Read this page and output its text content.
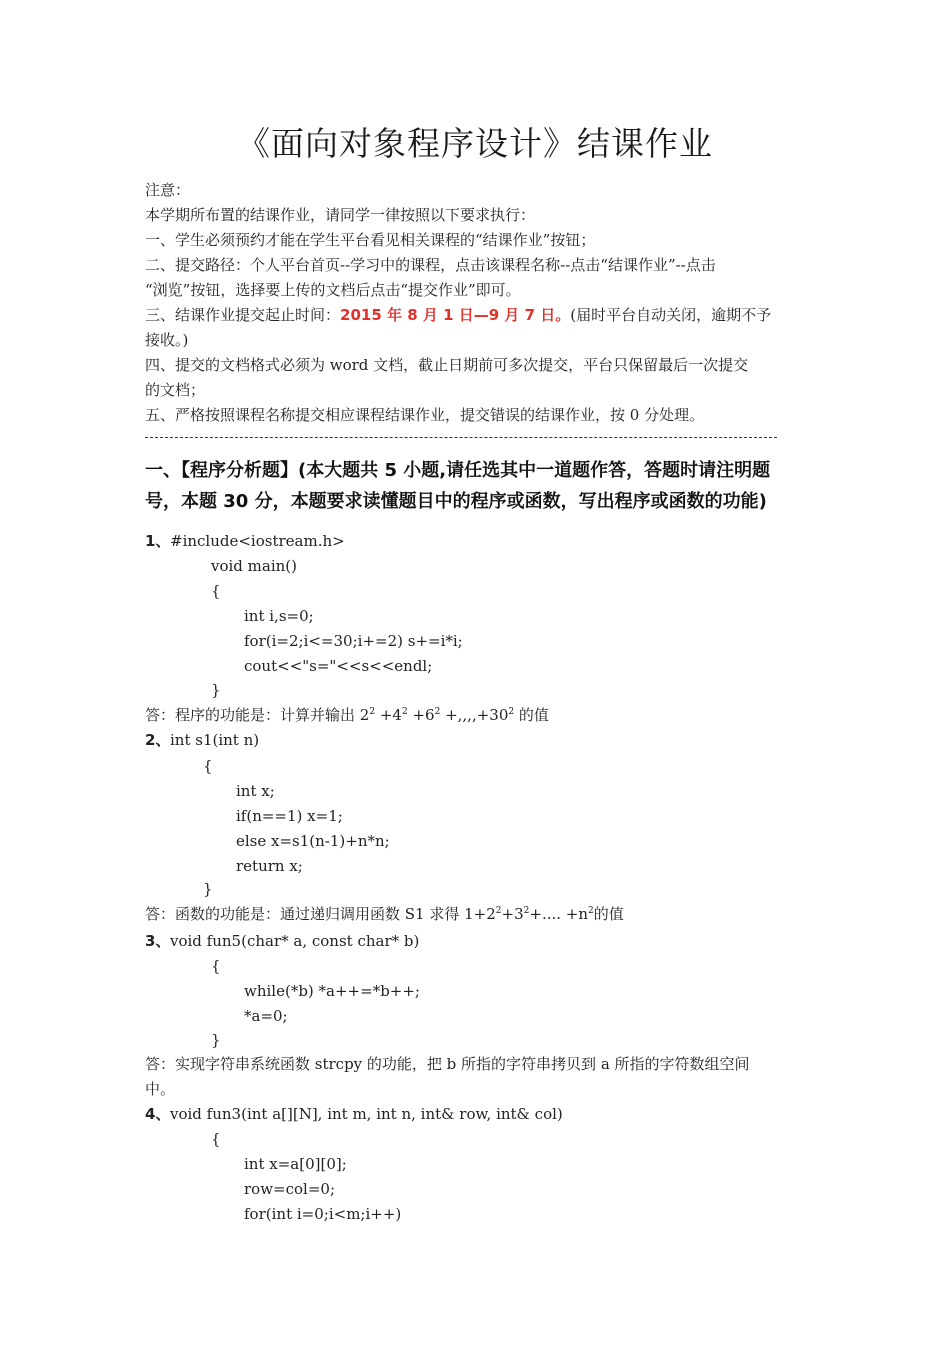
《面向对象程序设计》结课作业
注意：
本学期所布置的结课作业，请同学一律按照以下要求执行：
一、学生必须预约才能在学生平台看见相关课程的“结课作业”按钮；
二、提交路径：个人平台首页--学习中的课程，点击该课程名称--点击“结课作业”--点击
“浏览”按钮，选择要上传的文档后点击“提交作业”即可。
三、结课作业提交起止时间：2015 年 8 月 1 日—9 月 7 日。(届时平台自动关闭，逾期不予
接收。)
四、提交的文档格式必须为 word 文档，截止日期前可多次提交，平台只保留最后一次提交
的文档；
五、严格按照课程名称提交相应课程结课作业，提交错误的结课作业，按 0 分处理。
一、【程序分析题】(本大题共 5 小题,请任选其中一道题作答，答题时请注明题
号，本题 30 分，本题要求读懂题目中的程序或函数，写出程序或函数的功能)
1、 #include<iostream.h>
void main()
{
int i,s=0;
for(i=2;i<=30;i+=2) s+=i*i;
cout<<"s="<<s<<endl;
}
答：程序的功能是：计算并输出 $2^2 +4^2 +6^2 +,,,,+30^2$ 的值
2、 int s1(int n)
{
int x;
if(n==1) x=1;
else x=s1(n-1)+n*n;
return x;
}
答：函数的功能是：通过递归调用函数 S1 求得 $1+2^2+3^2+$.... $+n^2$的值
3、 void fun5(char* a, const char* b)
{
while(*b) *a++=*b++;
*a=0;
}
答：实现字符串系统函数 strcpy 的功能，把 b 所指的字符串拷贝到 a 所指的字符数组空间
中。
4、 void fun3(int a[][N], int m, int n, int& row, int& col)
{
int x=a[0][0];
row=col=0;
for(int i=0;i<m;i++)
